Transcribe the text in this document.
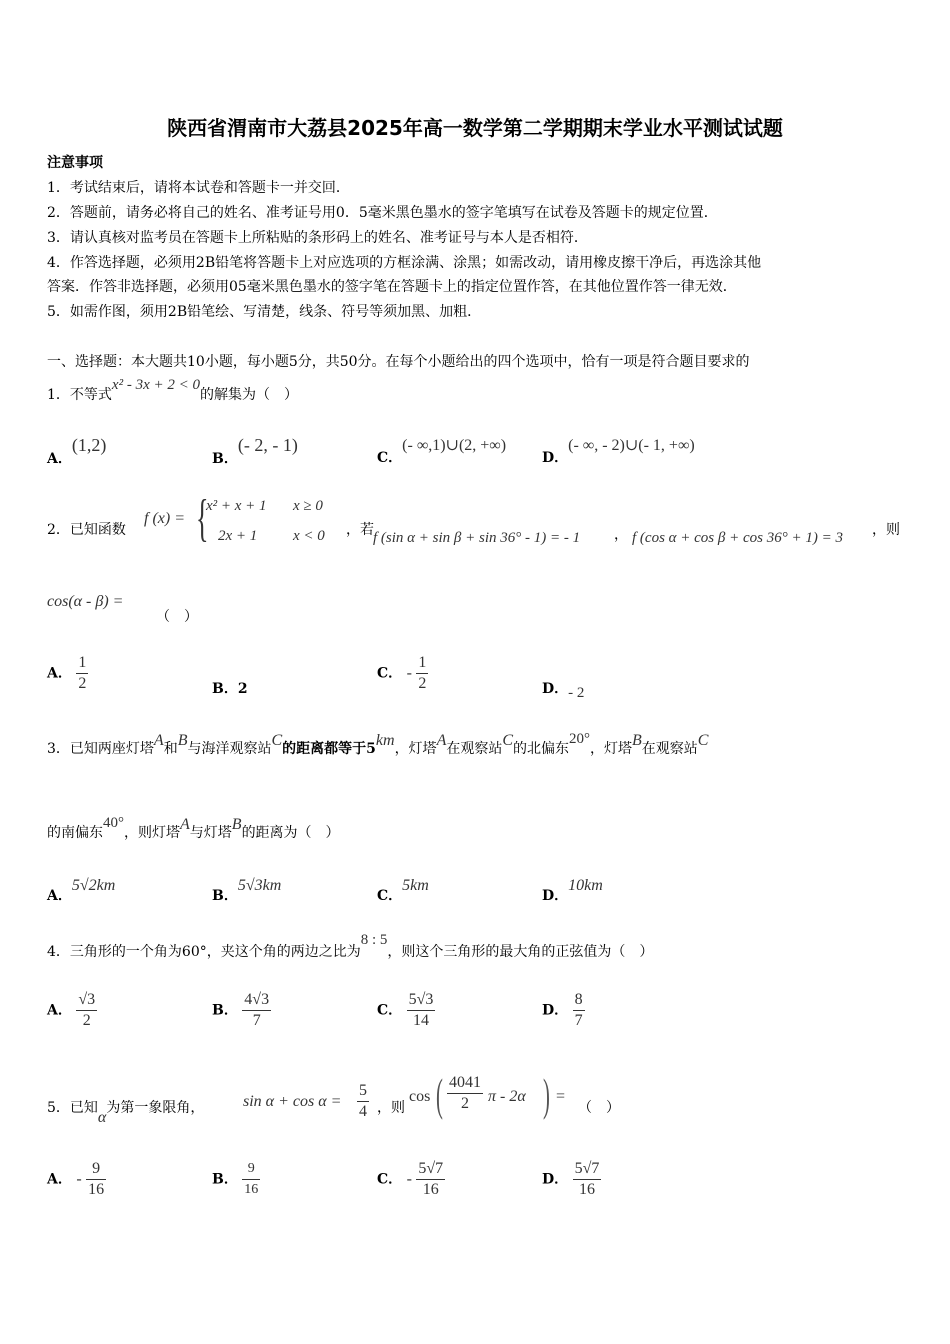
陕西省渭南市大荔县2025年高一数学第二学期期末学业水平测试试题
注意事项
1．考试结束后，请将本试卷和答题卡一并交回．
2．答题前，请务必将自己的姓名、准考证号用0．5毫米黑色墨水的签字笔填写在试卷及答题卡的规定位置．
3．请认真核对监考员在答题卡上所粘贴的条形码上的姓名、准考证号与本人是否相符．
4．作答选择题，必须用2B铅笔将答题卡上对应选项的方框涂满、涂黑；如需改动，请用橡皮擦干净后，再选涂其他
答案．作答非选择题，必须用05毫米黑色墨水的签字笔在答题卡上的指定位置作答，在其他位置作答一律无效．
5．如需作图，须用2B铅笔绘、写清楚，线条、符号等须加黑、加粗．
一、选择题：本大题共10小题，每小题5分，共50分。在每个小题给出的四个选项中，恰有一项是符合题目要求的
1．不等式x² - 3x + 2 < 0的解集为（　）
A．(1,2)
B．(- 2, - 1)
C．(- ∞,1)∪(2, +∞)
D．(- ∞, - 2)∪(- 1, +∞)
2．已知函数
f (x) = {
x² + x + 1 x ≥ 0
2x + 1 x < 0 ，若 f (sin α + sin β + sin 36° - 1) = - 1 ， f (cos α + cos β + cos 36° + 1) = 3 ，则
cos(α - β) =
（　）
A． $\frac{1}{2}$	B．2
C． - $\frac{1}{2}$	D．- 2
3．已知两座灯塔A和B与海洋观察站C的距离都等于5km，灯塔A在观察站C的北偏东20°，灯塔B在观察站C
的南偏东40°，则灯塔A与灯塔B的距离为（　）
A．5√2km
B．5√3km
C．5km
D．10km
4．三角形的一个角为60°，夹这个角的两边之比为8 : 5，则这个三角形的最大角的正弦值为（　）
A． $\frac{√3}{2}$	B． $\frac{4√3}{7}$	C． $\frac{5√3}{14}$	D． $\frac{8}{7}$
5．已知α为第一象限角， $\sin \alpha + \cos \alpha = \frac{5}{4}$ ，则
cos ( $\frac{4041}{2}$ π - 2α ) =
（　）
A． - $\frac{9}{16}$	B． $\frac{9}{16}$	C． - $\frac{5√7}{16}$	D． $\frac{5√7}{16}$
